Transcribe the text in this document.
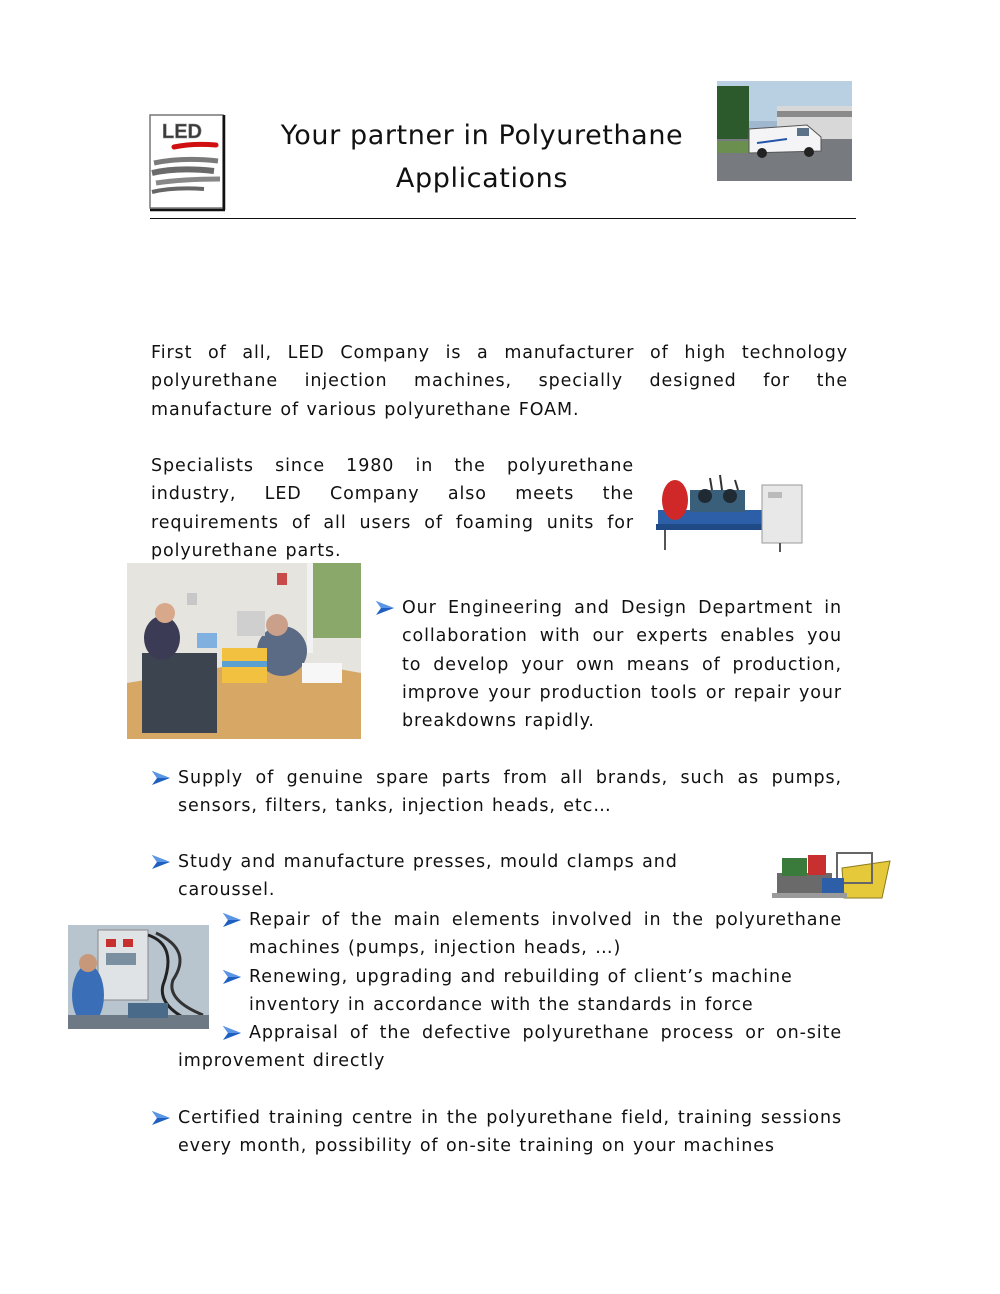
LED	Your partner in Polyurethane
Applications
First of all, LED Company is a manufacturer of high technology polyurethane injection machines, specially designed for the manufacture of various polyurethane FOAM.
Specialists since 1980 in the polyurethane industry, LED Company also meets the requirements of all users of foaming units for polyurethane parts.
Our Engineering and Design Department in collaboration with our experts enables you to develop your own means of production, improve your production tools or repair your breakdowns rapidly.
Supply of genuine spare parts from all brands, such as pumps, sensors, filters, tanks, injection heads, etc…
Study and manufacture presses, mould clamps and caroussel.
Repair of the main elements involved in the polyurethane machines (pumps, injection heads, …)
Renewing, upgrading and rebuilding of client’s machine inventory in accordance with the standards in force
Appraisal of the defective polyurethane process or on-site improvement directly
Certified training centre in the polyurethane field, training sessions every month, possibility of on-site training on your machines
